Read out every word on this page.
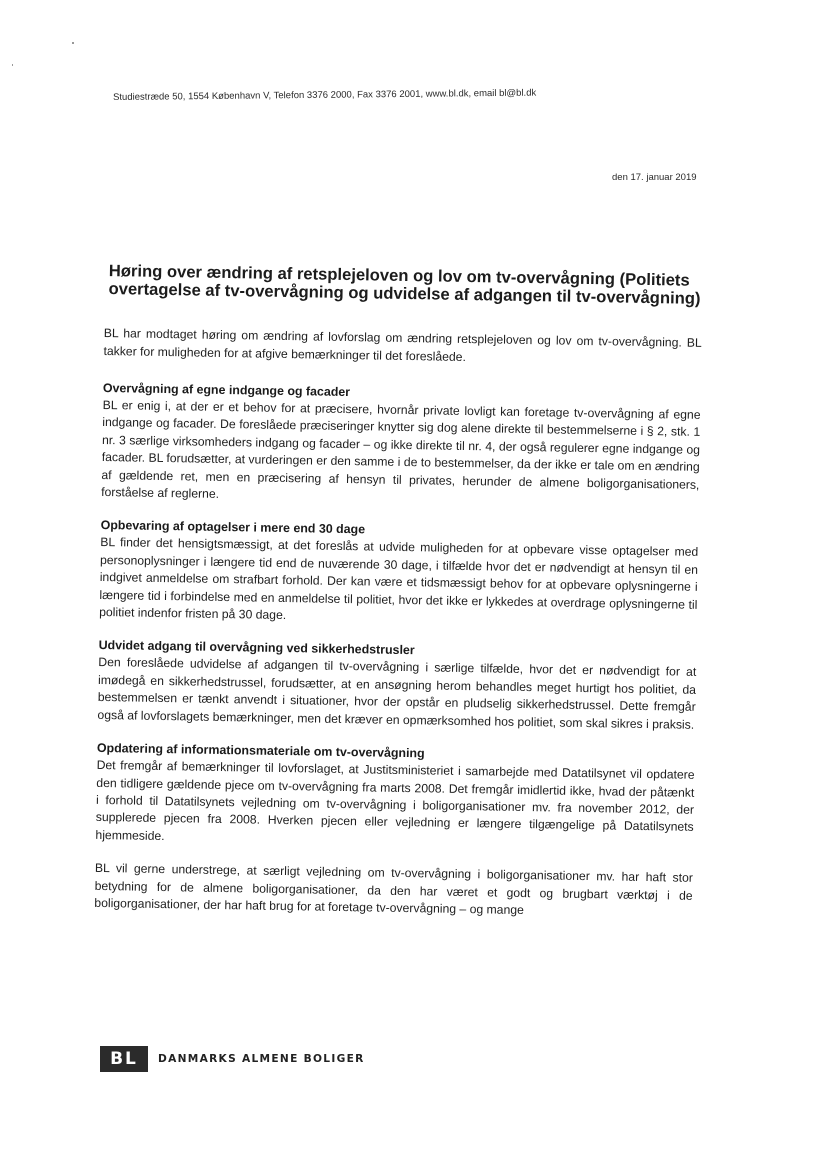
Studiestræde 50, 1554 København V, Telefon 3376 2000, Fax 3376 2001, www.bl.dk, email bl@bl.dk
den 17. januar 2019
Høring over ændring af retsplejeloven og lov om tv-overvågning (Politiets overtagelse af tv-overvågning og udvidelse af adgangen til tv-overvågning)

BL har modtaget høring om ændring af lovforslag om ændring retsplejeloven og lov om tv-overvågning. BL takker for muligheden for at afgive bemærkninger til det foreslåede.

Overvågning af egne indgange og facader

BL er enig i, at der er et behov for at præcisere, hvornår private lovligt kan foretage tv-overvågning af egne indgange og facader. De foreslåede præciseringer knytter sig dog alene direkte til bestemmelserne i § 2, stk. 1 nr. 3 særlige virksomheders indgang og facader – og ikke direkte til nr. 4, der også regulerer egne indgange og facader. BL forudsætter, at vurderingen er den samme i de to bestemmelser, da der ikke er tale om en ændring af gældende ret, men en præcisering af hensyn til privates, herunder de almene boligorganisationers, forståelse af reglerne.

Opbevaring af optagelser i mere end 30 dage

BL finder det hensigtsmæssigt, at det foreslås at udvide muligheden for at opbevare visse optagelser med personoplysninger i længere tid end de nuværende 30 dage, i tilfælde hvor det er nødvendigt at hensyn til en indgivet anmeldelse om strafbart forhold. Der kan være et tidsmæssigt behov for at opbevare oplysningerne i længere tid i forbindelse med en anmeldelse til politiet, hvor det ikke er lykkedes at overdrage oplysningerne til politiet indenfor fristen på 30 dage.

Udvidet adgang til overvågning ved sikkerhedstrusler

Den foreslåede udvidelse af adgangen til tv-overvågning i særlige tilfælde, hvor det er nødvendigt for at imødegå en sikkerhedstrussel, forudsætter, at en ansøgning herom behandles meget hurtigt hos politiet, da bestemmelsen er tænkt anvendt i situationer, hvor der opstår en pludselig sikkerhedstrussel. Dette fremgår også af lovforslagets bemærkninger, men det kræver en opmærksomhed hos politiet, som skal sikres i praksis.

Opdatering af informationsmateriale om tv-overvågning

Det fremgår af bemærkninger til lovforslaget, at Justitsministeriet i samarbejde med Datatilsynet vil opdatere den tidligere gældende pjece om tv-overvågning fra marts 2008. Det fremgår imidlertid ikke, hvad der påtænkt i forhold til Datatilsynets vejledning om tv-overvågning i boligorganisationer mv. fra november 2012, der supplerede pjecen fra 2008. Hverken pjecen eller vejledning er længere tilgængelige på Datatilsynets hjemmeside.

BL vil gerne understrege, at særligt vejledning om tv-overvågning i boligorganisationer mv. har haft stor betydning for de almene boligorganisationer, da den har været et godt og brugbart værktøj i de boligorganisationer, der har haft brug for at foretage tv-overvågning – og mange

BL	DANMARKS ALMENE BOLIGER
